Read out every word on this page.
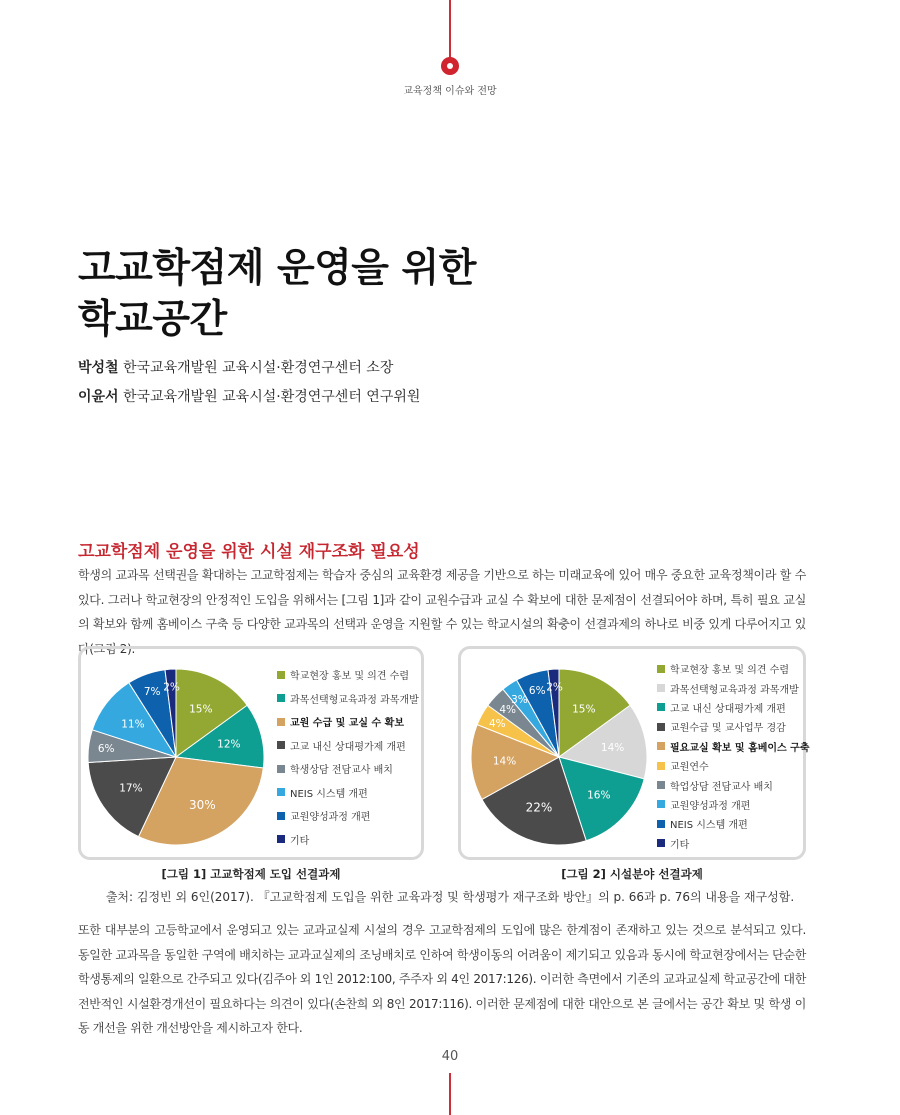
교육정책 이슈와 전망
고교학점제 운영을 위한
학교공간
박성철 한국교육개발원 교육시설·환경연구센터 소장
이윤서 한국교육개발원 교육시설·환경연구센터 연구위원
고교학점제 운영을 위한 시설 재구조화 필요성

학생의 교과목 선택권을 확대하는 고교학점제는 학습자 중심의 교육환경 제공을 기반으로 하는 미래교육에 있어 매우 중요한 교육정책이라 할 수 있다. 그러나 학교현장의 안정적인 도입을 위해서는 [그림 1]과 같이 교원수급과 교실 수 확보에 대한 문제점이 선결되어야 하며, 특히 필요 교실의 확보와 함께 홈베이스 구축 등 다양한 교과목의 선택과 운영을 지원할 수 있는 학교시설의 확충이 선결과제의 하나로 비중 있게 다루어지고 있다(그림 2).

15%
12%
30%
17%
6%
11%
7% 2%
학교현장 홍보 및 의견 수렴
과목선택형교육과정 과목개발
교원 수급 및 교실 수 확보
고교 내신 상대평가제 개편
학생상담 전담교사 배치
NEIS 시스템 개편
교원양성과정 개편
기타
15%
14%
16%
22%
14%
4%
4%
3%
6% 2%
학교현장 홍보 및 의견 수렴
과목선택형교육과정 과목개발
고교 내신 상대평가제 개편
교원수급 및 교사업무 경감
필요교실 확보 및 홈베이스 구축
교원연수
학업상담 전담교사 배치
교원양성과정 개편
NEIS 시스템 개편
기타
[그림 1] 고교학점제 도입 선결과제	[그림 2] 시설분야 선결과제
출처: 김정빈 외 6인(2017). 『고교학점제 도입을 위한 교육과정 및 학생평가 재구조화 방안』의 p. 66과 p. 76의 내용을 재구성함.

또한 대부분의 고등학교에서 운영되고 있는 교과교실제 시설의 경우 고교학점제의 도입에 많은 한계점이 존재하고 있는 것으로 분석되고 있다. 동일한 교과목을 동일한 구역에 배치하는 교과교실제의 조닝배치로 인하여 학생이동의 어려움이 제기되고 있음과 동시에 학교현장에서는 단순한 학생통제의 일환으로 간주되고 있다(김주아 외 1인 2012:100, 주주자 외 4인 2017:126). 이러한 측면에서 기존의 교과교실제 학교공간에 대한 전반적인 시설환경개선이 필요하다는 의견이 있다(손찬희 외 8인 2017:116). 이러한 문제점에 대한 대안으로 본 글에서는 공간 확보 및 학생 이동 개선을 위한 개선방안을 제시하고자 한다.

40
